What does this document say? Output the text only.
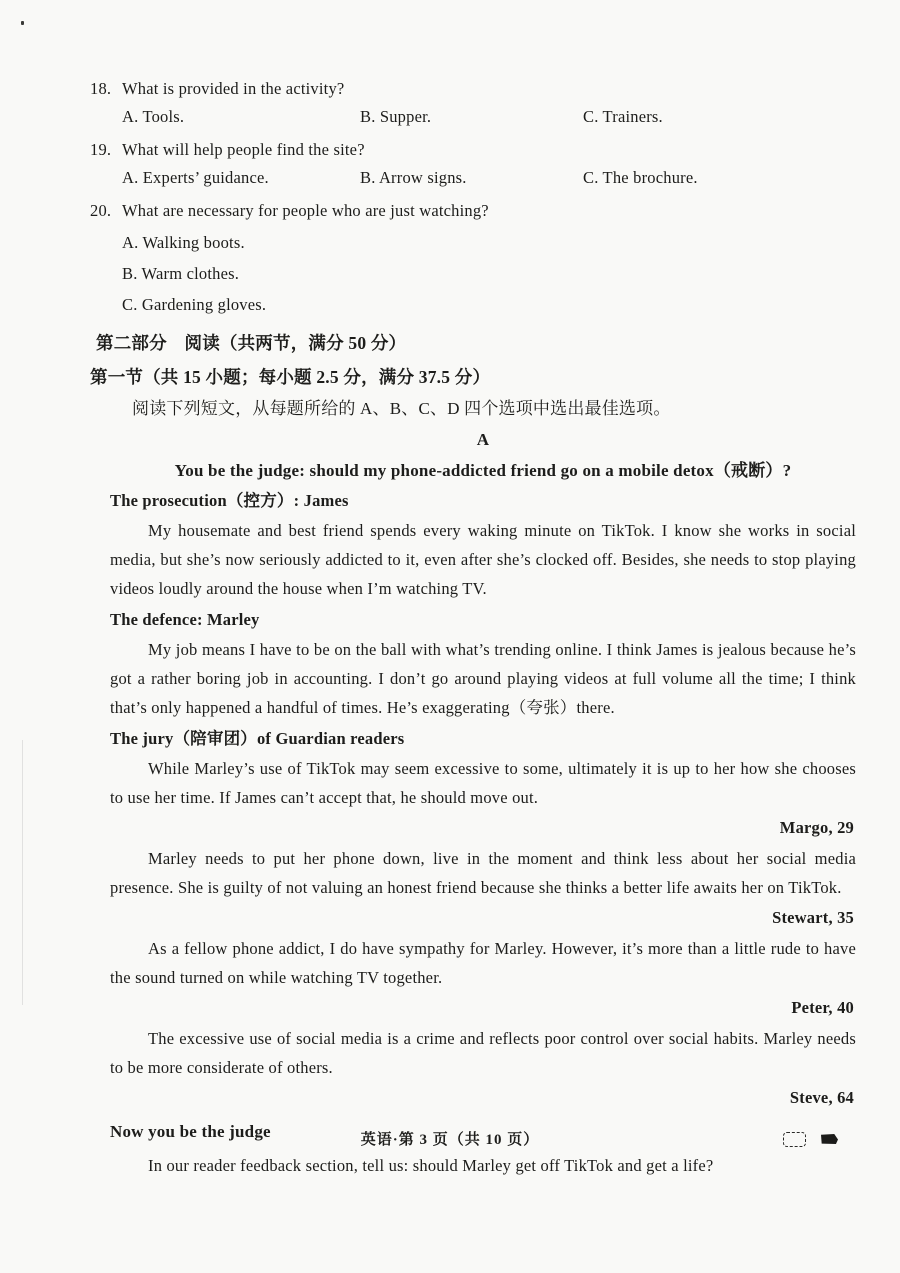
18. What is provided in the activity?
A. Tools.	B. Supper.	C. Trainers.
19. What will help people find the site?
A. Experts’ guidance.	B. Arrow signs.	C. The brochure.
20. What are necessary for people who are just watching?
A. Walking boots.
B. Warm clothes.
C. Gardening gloves.
第二部分　阅读（共两节，满分 50 分）
第一节（共 15 小题；每小题 2.5 分，满分 37.5 分）
阅读下列短文，从每题所给的 A、B、C、D 四个选项中选出最佳选项。
A
You be the judge: should my phone-addicted friend go on a mobile detox（戒断）?
The prosecution（控方）: James

My housemate and best friend spends every waking minute on TikTok. I know she works in social media, but she’s now seriously addicted to it, even after she’s clocked off. Besides, she needs to stop playing videos loudly around the house when I’m watching TV.

The defence: Marley

My job means I have to be on the ball with what’s trending online. I think James is jealous because he’s got a rather boring job in accounting. I don’t go around playing videos at full volume all the time; I think that’s only happened a handful of times. He’s exaggerating（夸张）there.

The jury（陪审团）of Guardian readers

While Marley’s use of TikTok may seem excessive to some, ultimately it is up to her how she chooses to use her time. If James can’t accept that, he should move out.

Margo, 29

Marley needs to put her phone down, live in the moment and think less about her social media presence. She is guilty of not valuing an honest friend because she thinks a better life awaits her on TikTok.

Stewart, 35

As a fellow phone addict, I do have sympathy for Marley. However, it’s more than a little rude to have the sound turned on while watching TV together.

Peter, 40

The excessive use of social media is a crime and reflects poor control over social habits. Marley needs to be more considerate of others.

Steve, 64
Now you be the judge

In our reader feedback section, tell us: should Marley get off TikTok and get a life?

英语·第 3 页（共 10 页）
